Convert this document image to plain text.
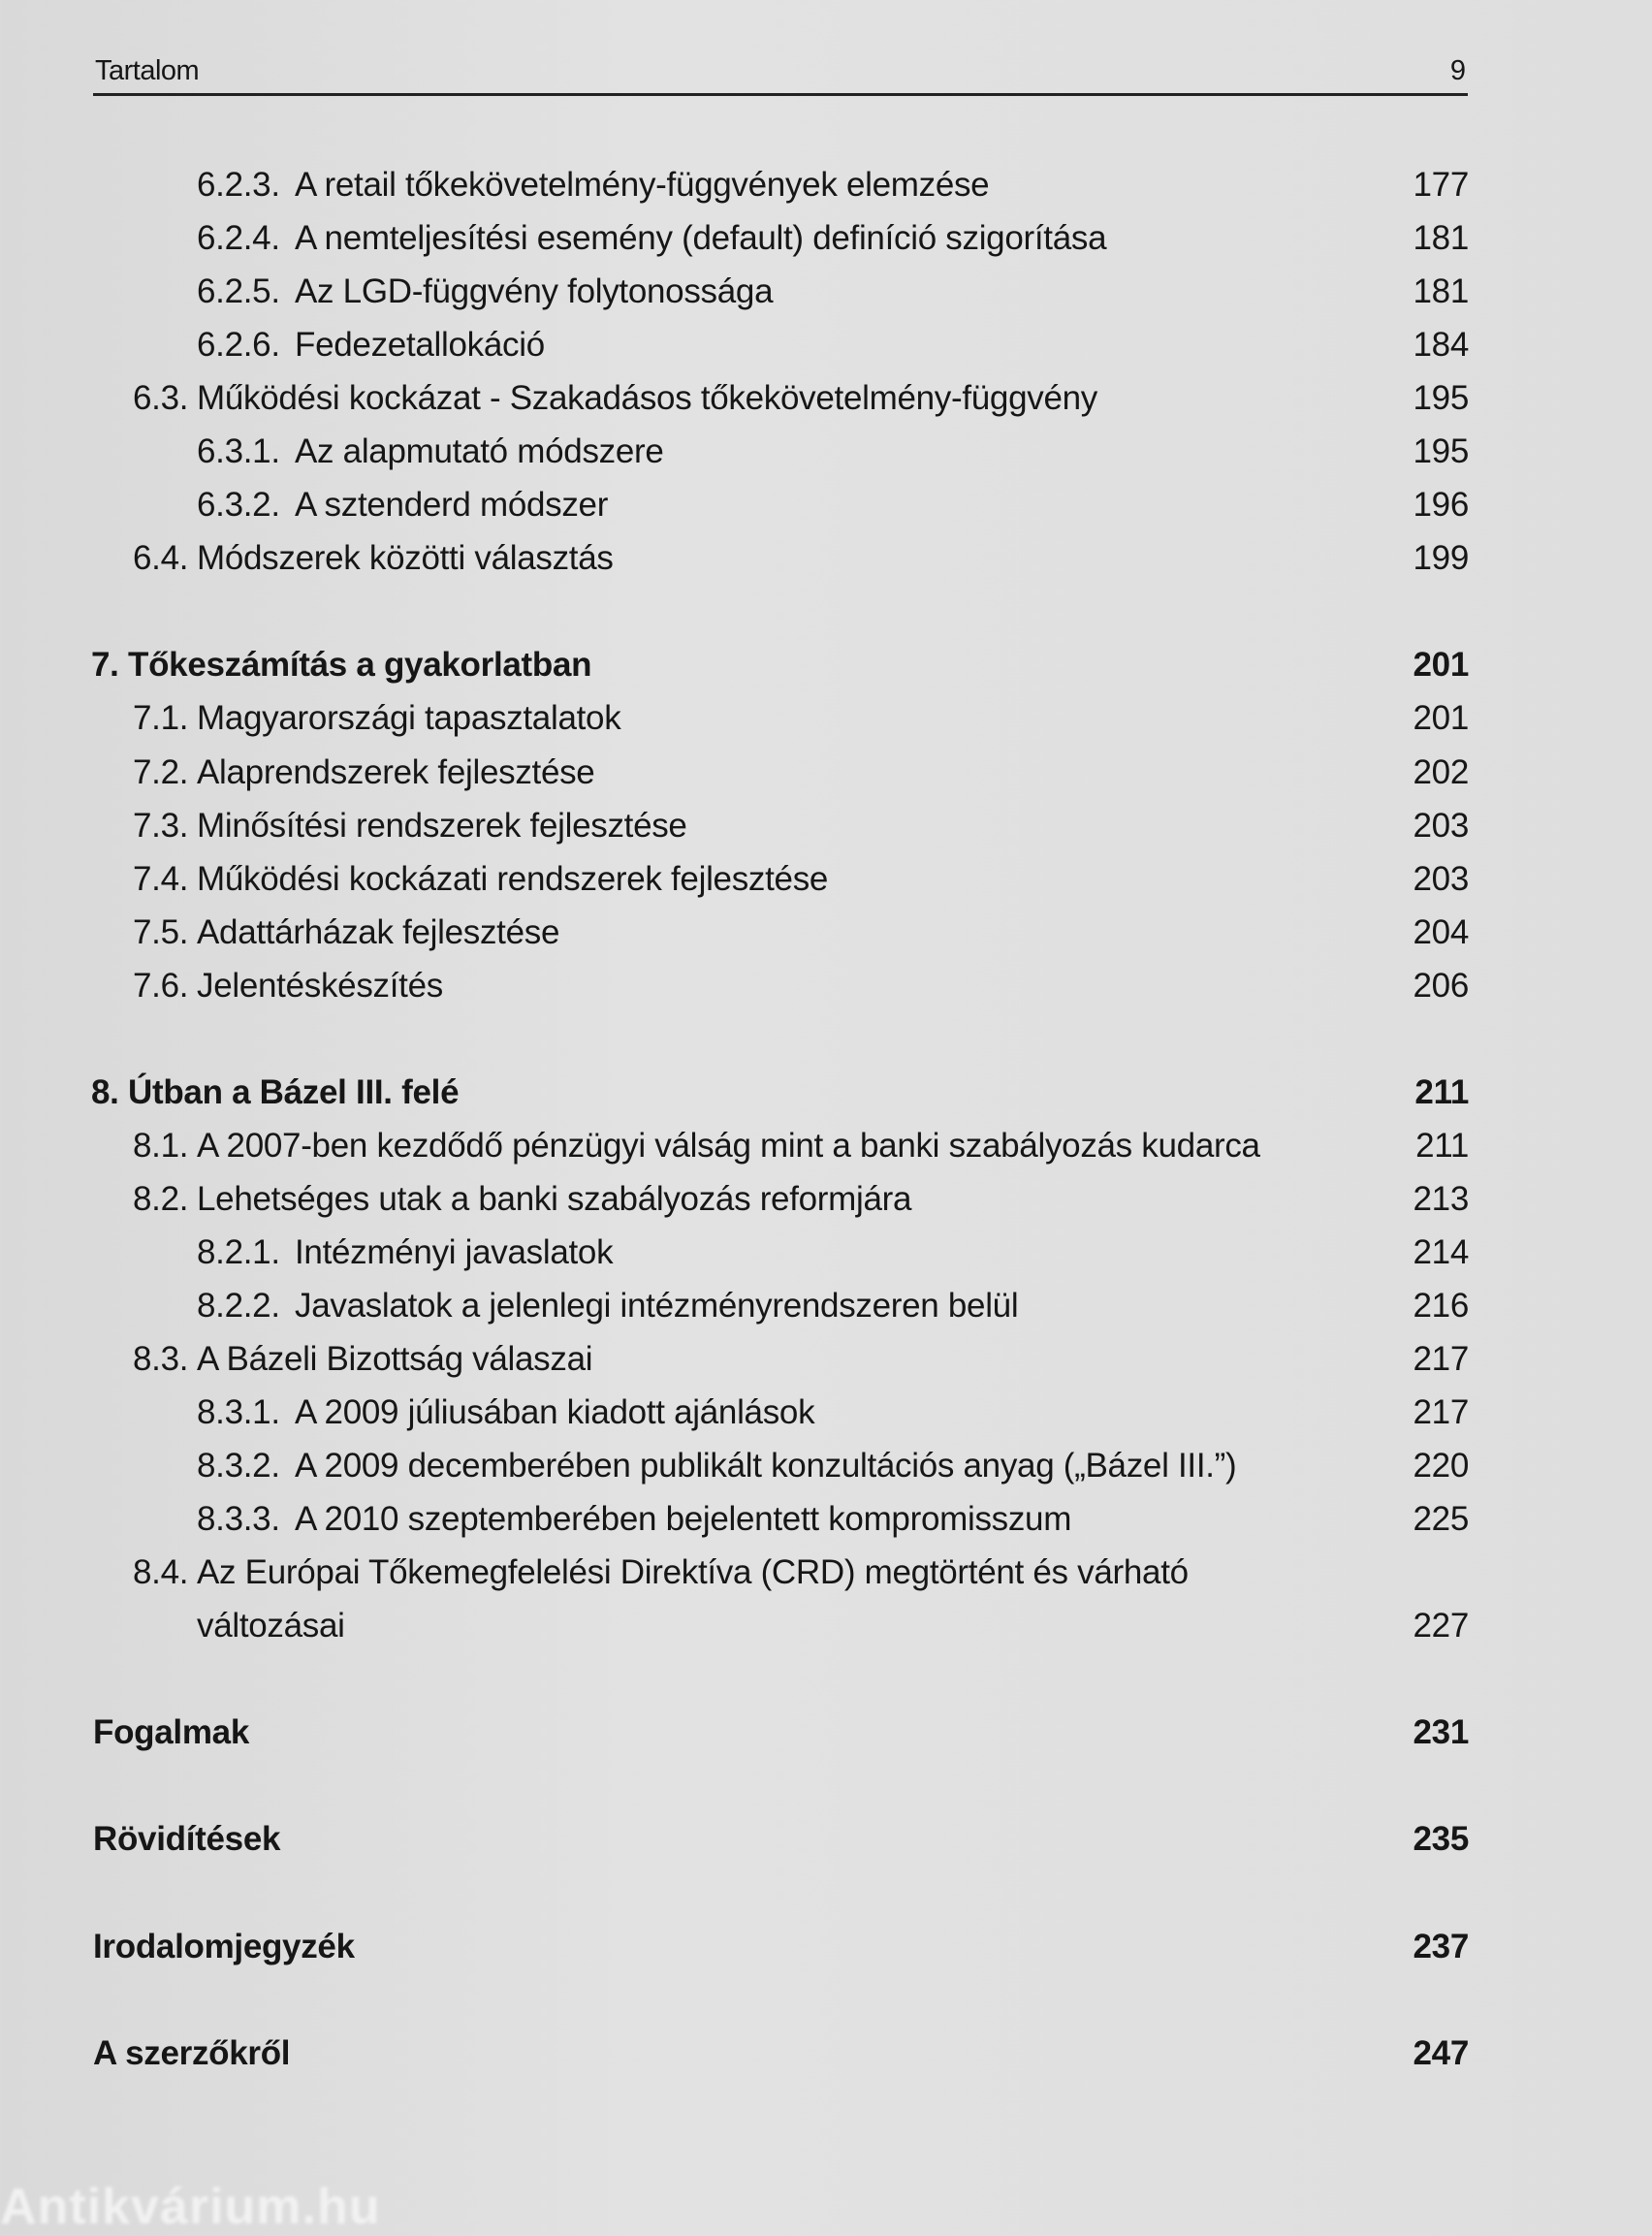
Tartalom	9
6.2.3. A retail tőkekövetelmény-függvények elemzése	177
6.2.4. A nemteljesítési esemény (default) definíció szigorítása	181
6.2.5. Az LGD-függvény folytonossága	181
6.2.6. Fedezetallokáció	184
6.3. Működési kockázat - Szakadásos tőkekövetelmény-függvény	195
6.3.1. Az alapmutató módszere	195
6.3.2. A sztenderd módszer	196
6.4. Módszerek közötti választás	199
7. Tőkeszámítás a gyakorlatban	201
7.1. Magyarországi tapasztalatok	201
7.2. Alaprendszerek fejlesztése	202
7.3. Minősítési rendszerek fejlesztése	203
7.4. Működési kockázati rendszerek fejlesztése	203
7.5. Adattárházak fejlesztése	204
7.6. Jelentéskészítés	206
8. Útban a Bázel III. felé	211
8.1. A 2007-ben kezdődő pénzügyi válság mint a banki szabályozás kudarca	211
8.2. Lehetséges utak a banki szabályozás reformjára	213
8.2.1. Intézményi javaslatok	214
8.2.2. Javaslatok a jelenlegi intézményrendszeren belül	216
8.3. A Bázeli Bizottság válaszai	217
8.3.1. A 2009 júliusában kiadott ajánlások	217
8.3.2. A 2009 decemberében publikált konzultációs anyag („Bázel III.”)	220
8.3.3. A 2010 szeptemberében bejelentett kompromisszum	225
8.4. Az Európai Tőkemegfelelési Direktíva (CRD) megtörtént és várható
változásai	227
Fogalmak	231
Rövidítések	235
Irodalomjegyzék	237
A szerzőkről	247
Antikvárium.hu
